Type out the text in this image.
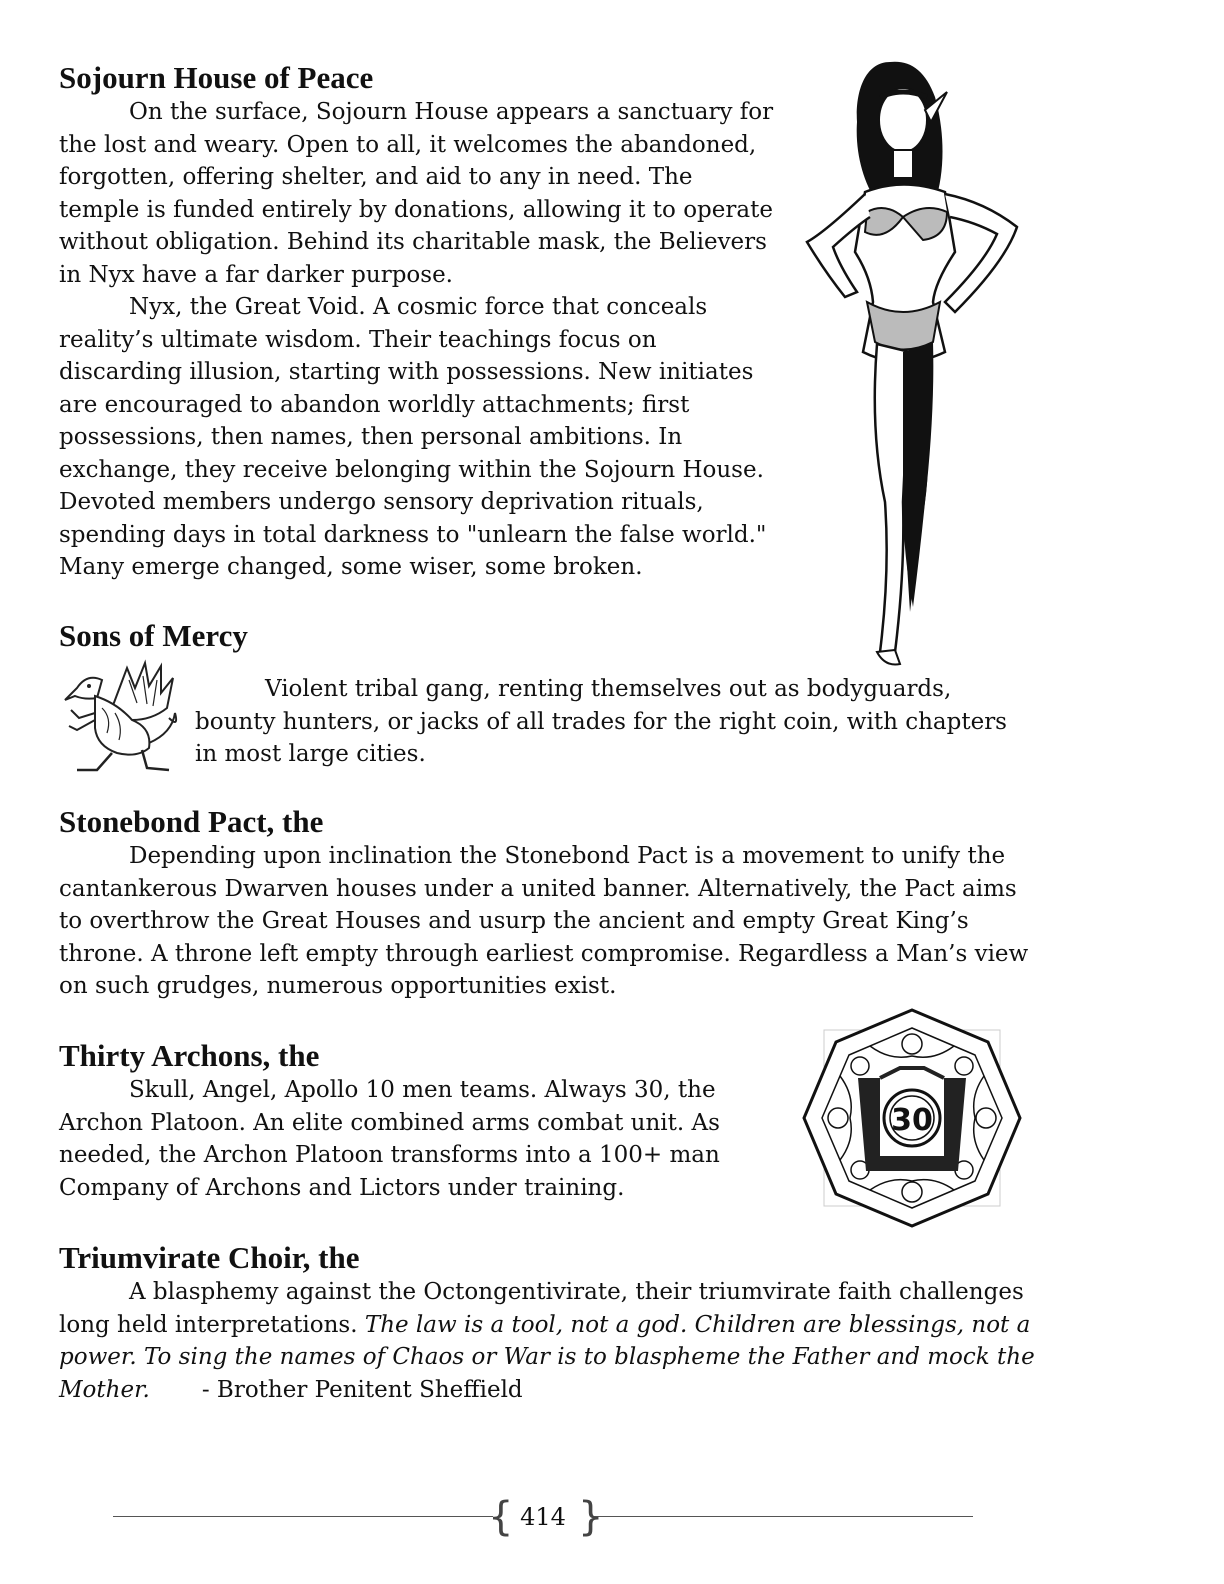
Sojourn House of Peace

On the surface, Sojourn House appears a sanctuary for the lost and weary. Open to all, it welcomes the abandoned, forgotten, offering shelter, and aid to any in need. The temple is funded entirely by donations, allowing it to operate without obligation. Behind its charitable mask, the Believers in Nyx have a far darker purpose.

Nyx, the Great Void. A cosmic force that conceals reality’s ultimate wisdom. Their teachings focus on discarding illusion, starting with possessions. New initiates are encouraged to abandon worldly attachments; first possessions, then names, then personal ambitions. In exchange, they receive belonging within the Sojourn House. Devoted members undergo sensory deprivation rituals, spending days in total darkness to "unlearn the false world." Many emerge changed, some wiser, some broken.

Sons of Mercy

Violent tribal gang, renting themselves out as bodyguards, bounty hunters, or jacks of all trades for the right coin, with chapters in most large cities.

Stonebond Pact, the

Depending upon inclination the Stonebond Pact is a movement to unify the cantankerous Dwarven houses under a united banner. Alternatively, the Pact aims to overthrow the Great Houses and usurp the ancient and empty Great King’s throne. A throne left empty through earliest compromise. Regardless a Man’s view on such grudges, numerous opportunities exist.

Thirty Archons, the

Skull, Angel, Apollo 10 men teams. Always 30, the Archon Platoon. An elite combined arms combat unit. As needed, the Archon Platoon transforms into a 100+ man Company of Archons and Lictors under training.

30
Triumvirate Choir, the

A blasphemy against the Octongentivirate, their triumvirate faith challenges long held interpretations. The law is a tool, not a god. Children are blessings, not a power. To sing the names of Chaos or War is to blaspheme the Father and mock the Mother. - Brother Penitent Sheffield

{ }
414
